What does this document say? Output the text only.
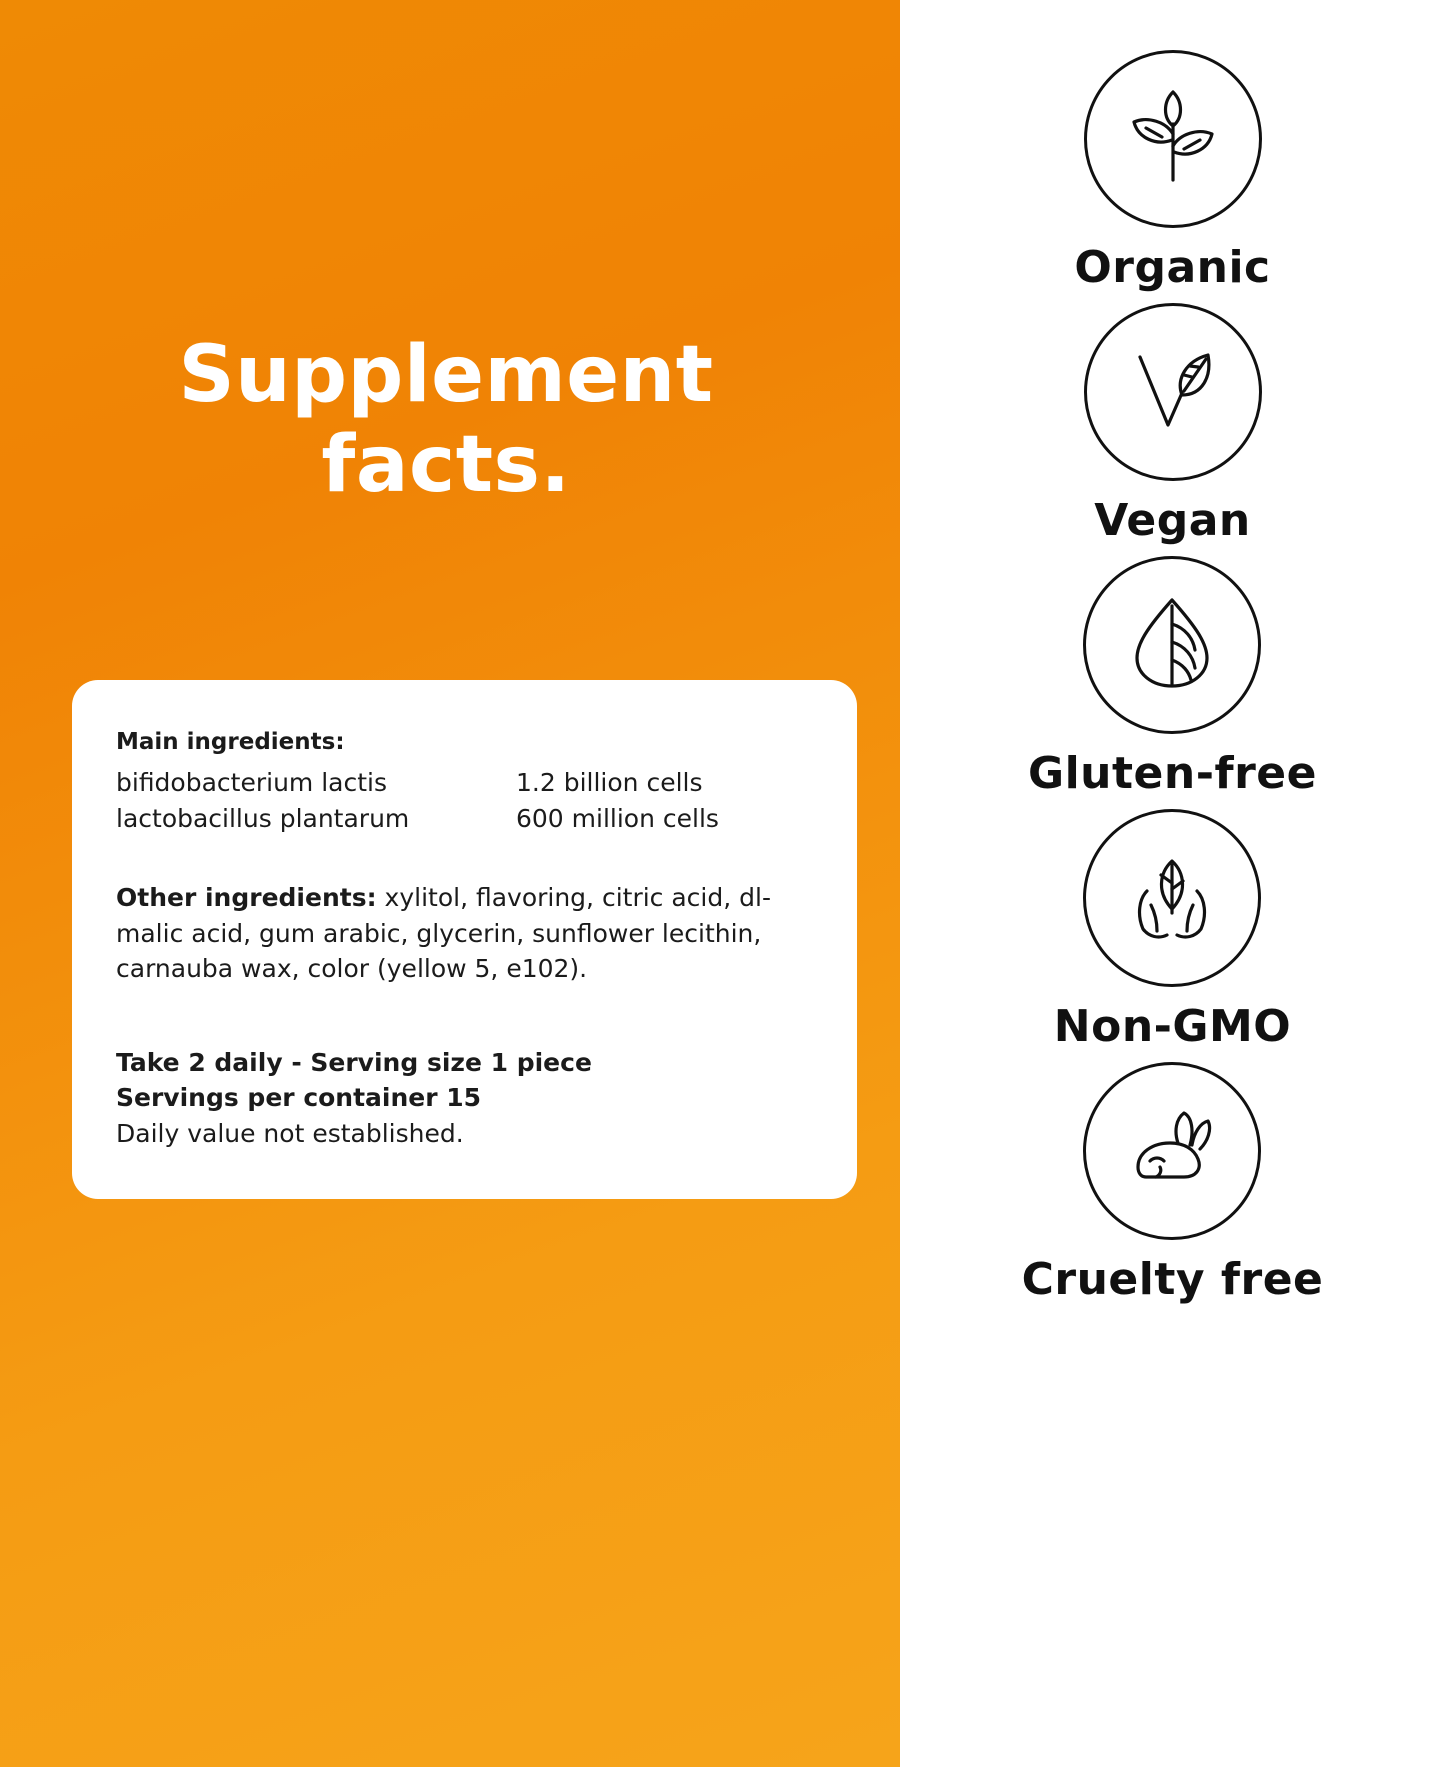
Supplement
facts.
Main ingredients:
bifidobacterium lactis	1.2 billion cells
lactobacillus plantarum	600 million cells
Other ingredients: xylitol, flavoring, citric acid, dl-malic acid, gum arabic, glycerin, sunflower lecithin, carnauba wax, color (yellow 5, e102).
Take 2 daily - Serving size 1 piece
Servings per container 15
Daily value not established.
Organic
Vegan
Gluten-free
Non-GMO
Cruelty free
